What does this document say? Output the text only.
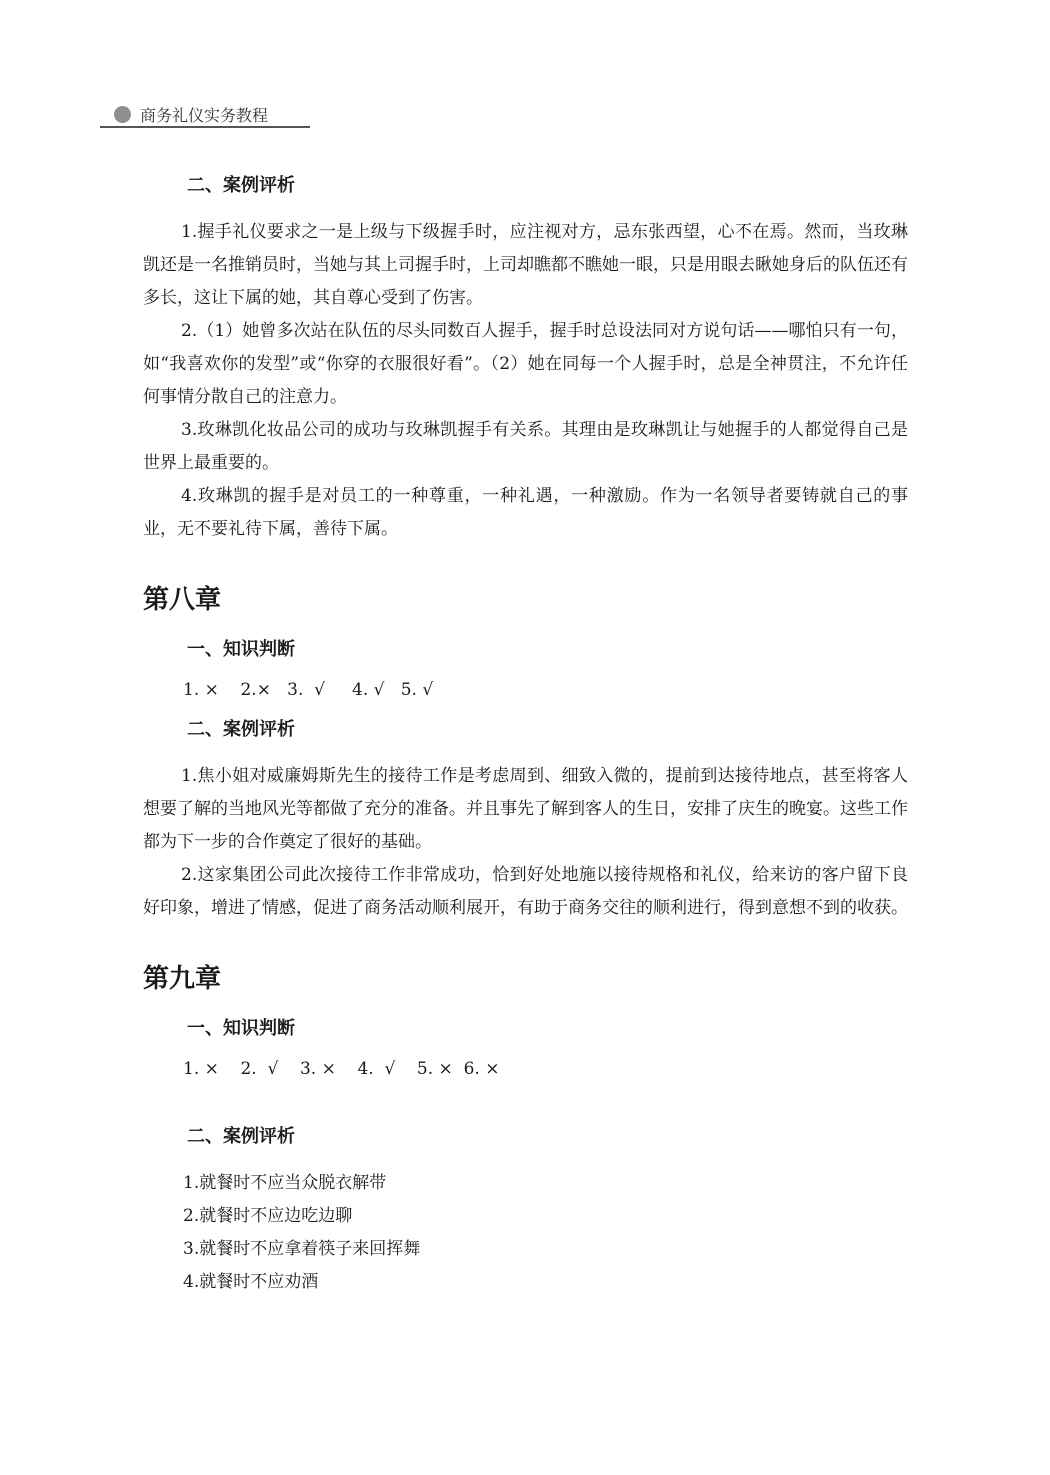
商务礼仪实务教程
二、案例评析

1.握手礼仪要求之一是上级与下级握手时，应注视对方，忌东张西望，心不在焉。然而，当玫琳凯还是一名推销员时，当她与其上司握手时，上司却瞧都不瞧她一眼，只是用眼去瞅她身后的队伍还有多长，这让下属的她，其自尊心受到了伤害。

2.（1）她曾多次站在队伍的尽头同数百人握手，握手时总设法同对方说句话——哪怕只有一句，如“我喜欢你的发型”或“你穿的衣服很好看”。（2）她在同每一个人握手时，总是全神贯注，不允许任何事情分散自己的注意力。

3.玫琳凯化妆品公司的成功与玫琳凯握手有关系。其理由是玫琳凯让与她握手的人都觉得自己是世界上最重要的。

4.玫琳凯的握手是对员工的一种尊重，一种礼遇，一种激励。作为一名领导者要铸就自己的事业，无不要礼待下属，善待下属。

第八章
一、知识判断

1. ×    2.×   3.  √     4. √   5. √

二、案例评析

1.焦小姐对威廉姆斯先生的接待工作是考虑周到、细致入微的，提前到达接待地点，甚至将客人想要了解的当地风光等都做了充分的准备。并且事先了解到客人的生日，安排了庆生的晚宴。这些工作都为下一步的合作奠定了很好的基础。

2.这家集团公司此次接待工作非常成功，恰到好处地施以接待规格和礼仪，给来访的客户留下良好印象，增进了情感，促进了商务活动顺利展开，有助于商务交往的顺利进行，得到意想不到的收获。

第九章
一、知识判断

1. ×    2.  √    3. ×    4.  √    5. ×  6. ×

二、案例评析

1.就餐时不应当众脱衣解带

2.就餐时不应边吃边聊

3.就餐时不应拿着筷子来回挥舞

4.就餐时不应劝酒
